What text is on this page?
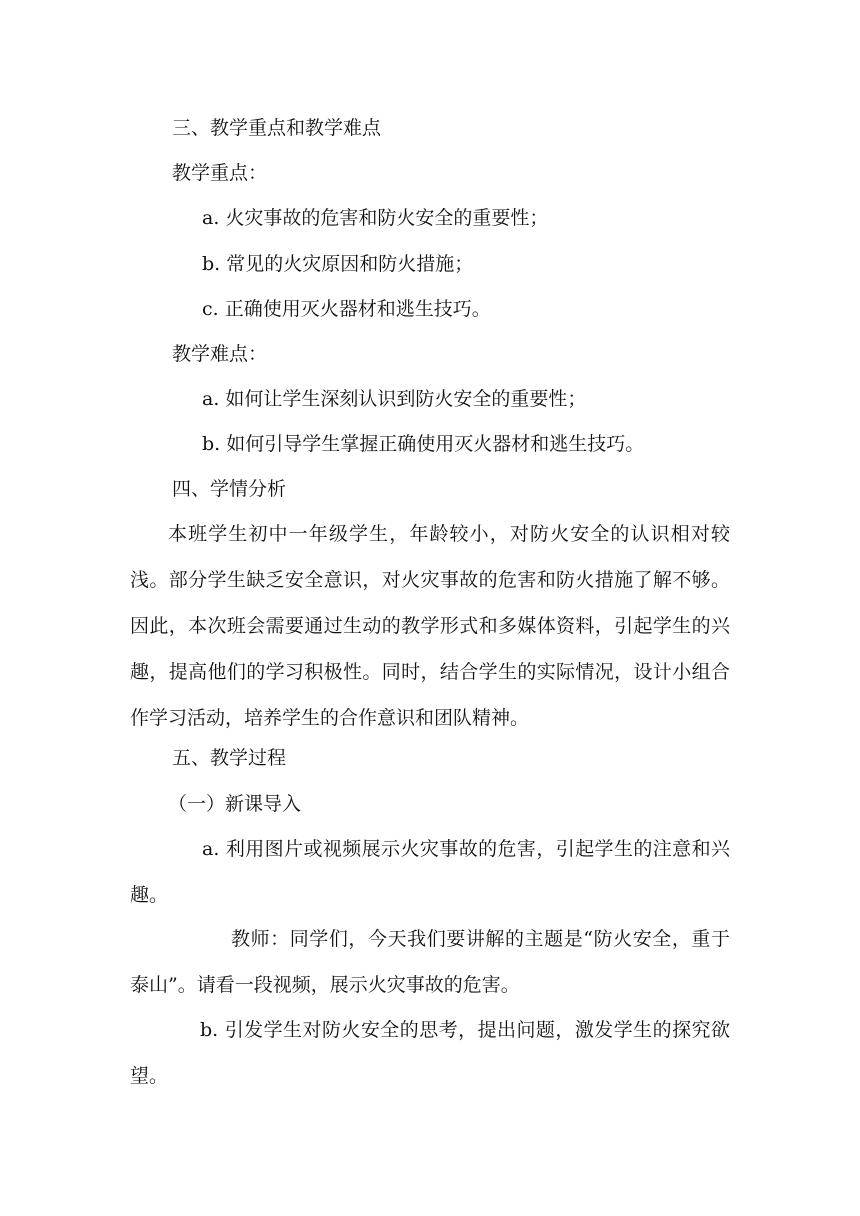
三、教学重点和教学难点
教学重点：
a. 火灾事故的危害和防火安全的重要性；
b. 常见的火灾原因和防火措施；
c. 正确使用灭火器材和逃生技巧。
教学难点：
a. 如何让学生深刻认识到防火安全的重要性；
b. 如何引导学生掌握正确使用灭火器材和逃生技巧。
四、学情分析
本班学生初中一年级学生，年龄较小，对防火安全的认识相对较浅。部分学生缺乏安全意识，对火灾事故的危害和防火措施了解不够。因此，本次班会需要通过生动的教学形式和多媒体资料，引起学生的兴趣，提高他们的学习积极性。同时，结合学生的实际情况，设计小组合作学习活动，培养学生的合作意识和团队精神。
五、教学过程
（一）新课导入
a. 利用图片或视频展示火灾事故的危害，引起学生的注意和兴趣。
教师：同学们，今天我们要讲解的主题是“防火安全，重于泰山”。请看一段视频，展示火灾事故的危害。
b. 引发学生对防火安全的思考，提出问题，激发学生的探究欲望。
